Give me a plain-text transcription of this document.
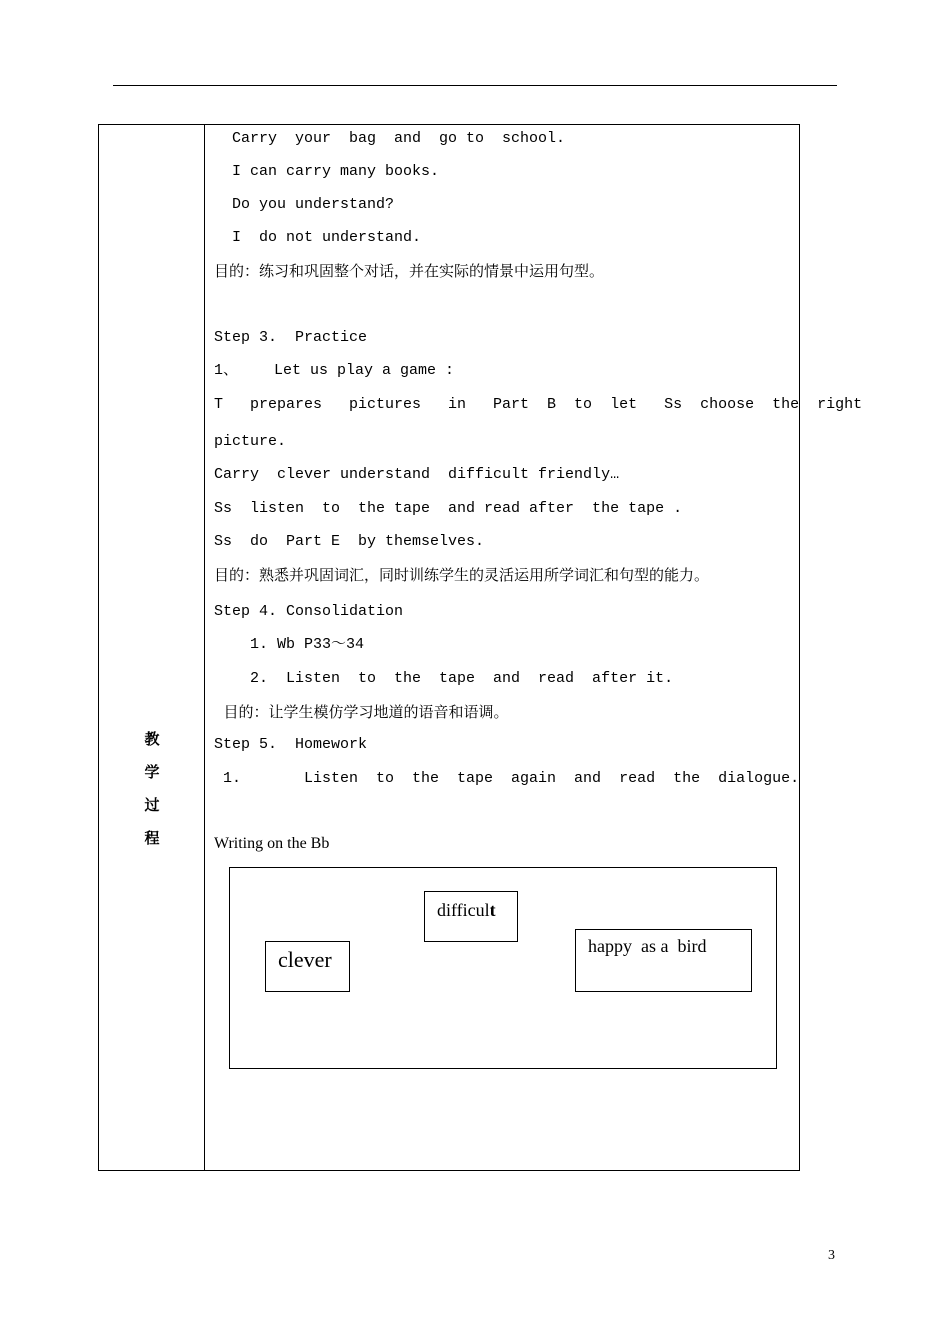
教
学
过
程
Carry  your  bag  and  go to  school.
I can carry many books.
Do you understand?
I  do not understand.
目的：练习和巩固整个对话，并在实际的情景中运用句型。
Step 3.  Practice
1、    Let us play a game :
T   prepares   pictures   in   Part  B  to  let   Ss  choose  the  right
picture.
Carry  clever understand  difficult friendly…
Ss  listen  to  the tape  and read after  the tape .
Ss  do  Part E  by themselves.
目的：熟悉并巩固词汇，同时训练学生的灵活运用所学词汇和句型的能力。
Step 4. Consolidation
1. Wb P33～34
2.  Listen  to  the  tape  and  read  after it.
目的：让学生模仿学习地道的语音和语调。
Step 5.  Homework
1.       Listen  to  the  tape  again  and  read  the  dialogue.
Writing on the Bb
clever
difficult
happy  as a  bird
3
